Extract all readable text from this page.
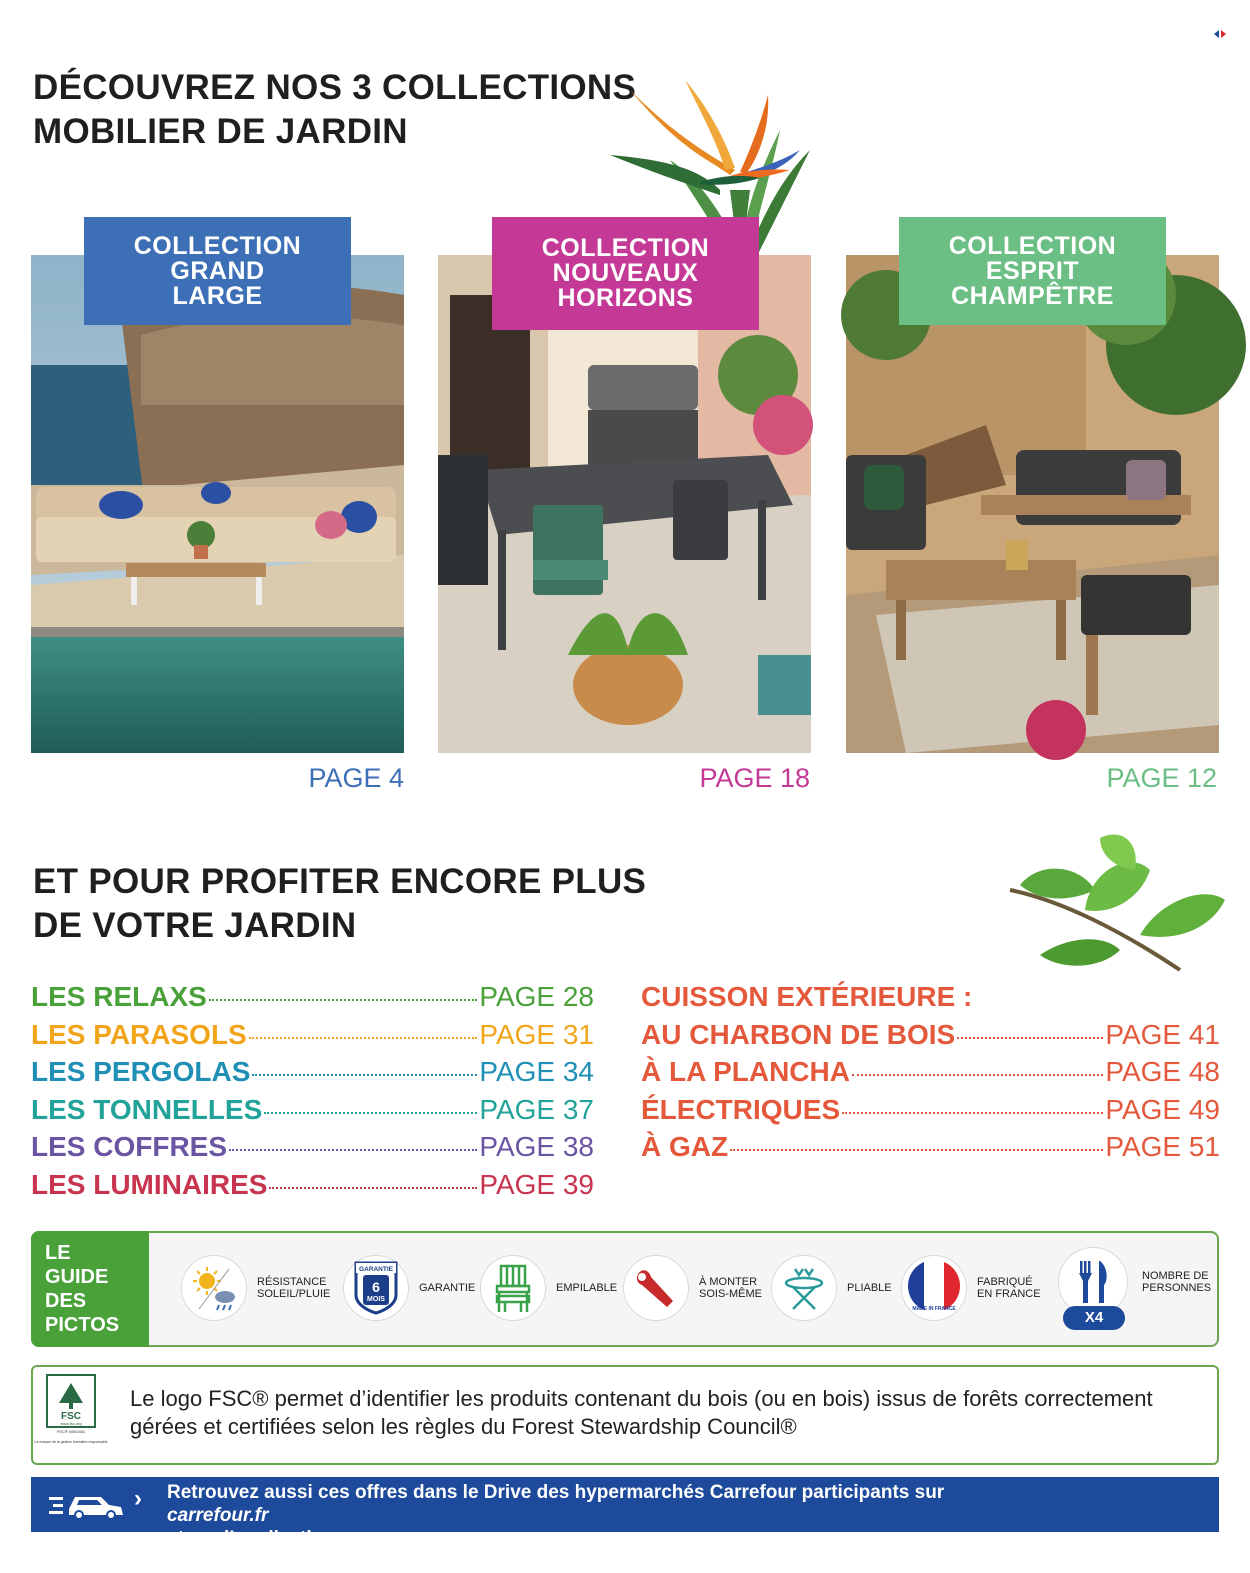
DÉCOUVREZ NOS 3 COLLECTIONS
MOBILIER DE JARDIN
COLLECTION
GRAND
LARGE
COLLECTION
NOUVEAUX
HORIZONS
COLLECTION
ESPRIT
CHAMPÊTRE
PAGE 4	PAGE 18	PAGE 12
ET POUR PROFITER ENCORE PLUS
DE VOTRE JARDIN
LES RELAXS	PAGE 28
LES PARASOLS	PAGE 31
LES PERGOLAS	PAGE 34
LES TONNELLES	PAGE 37
LES COFFRES	PAGE 38
LES LUMINAIRES	PAGE 39
CUISSON EXTÉRIEURE :
AU CHARBON DE BOIS	PAGE 41
À LA PLANCHA	PAGE 48
ÉLECTRIQUES	PAGE 49
À GAZ	PAGE 51
LE
GUIDE
DES
PICTOS
RÉSISTANCE
SOLEIL/PLUIE
GARANTIE
6
MOIS
GARANTIE	EMPILABLE	À MONTER
SOIS-MÊME	PLIABLE
MADE IN FRANCE
FABRIQUÉ
EN FRANCE
X4
NOMBRE DE
PERSONNES
FSC
www.fsc.org
FSC® N002461
La marque de la gestion forestière responsable
Le logo FSC® permet d’identifier les produits contenant du bois (ou en bois) issus de forêts correctement
gérées et certifiées selon les règles du Forest Stewardship Council®
› Retrouvez aussi ces offres dans le Drive des hypermarchés Carrefour participants sur
carrefour.fr
et sur l’application
Carrefour
